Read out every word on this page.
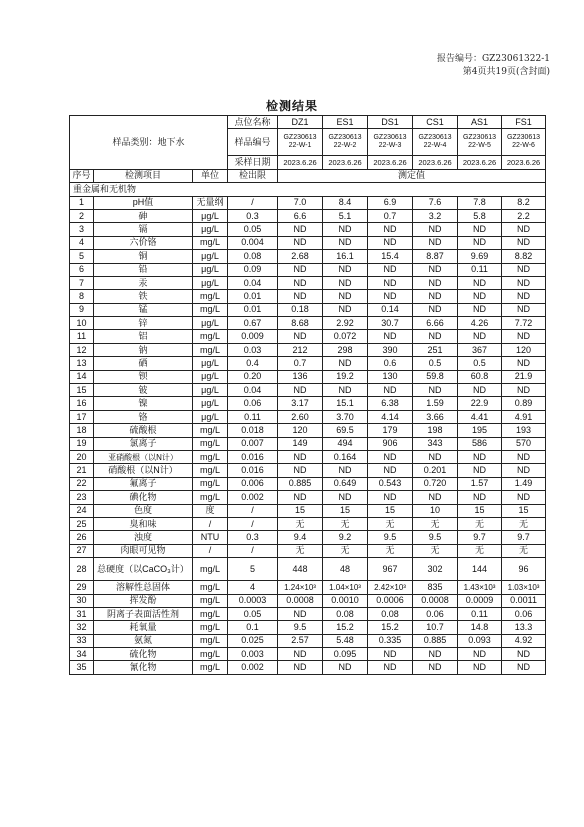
报告编号：GZ23061322-1
第4页共19页(含封面)
检测结果
样品类别：地下水			点位名称	DZ1	ES1	DS1	CS1	AS1	FS1
			样品编号	GZ230613 22-W-1	GZ230613 22-W-2	GZ230613 22-W-3	GZ230613 22-W-4	GZ230613 22-W-5	GZ230613 22-W-6
			采样日期	2023.6.26	2023.6.26	2023.6.26	2023.6.26	2023.6.26	2023.6.26
序号	检测项目	单位	检出限	测定值					
重金属和无机物									
1	pH值	无量纲	/	7.0	8.4	6.9	7.6	7.8	8.2
2	砷	μg/L	0.3	6.6	5.1	0.7	3.2	5.8	2.2
3	镉	μg/L	0.05	ND	ND	ND	ND	ND	ND
4	六价铬	mg/L	0.004	ND	ND	ND	ND	ND	ND
5	铜	μg/L	0.08	2.68	16.1	15.4	8.87	9.69	8.82
6	铅	μg/L	0.09	ND	ND	ND	ND	0.11	ND
7	汞	μg/L	0.04	ND	ND	ND	ND	ND	ND
8	铁	mg/L	0.01	ND	ND	ND	ND	ND	ND
9	锰	mg/L	0.01	0.18	ND	0.14	ND	ND	ND
10	锌	μg/L	0.67	8.68	2.92	30.7	6.66	4.26	7.72
11	铝	mg/L	0.009	ND	0.072	ND	ND	ND	ND
12	钠	mg/L	0.03	212	298	390	251	367	120
13	硒	μg/L	0.4	0.7	ND	0.6	0.5	0.5	ND
14	钡	μg/L	0.20	136	19.2	130	59.8	60.8	21.9
15	铍	μg/L	0.04	ND	ND	ND	ND	ND	ND
16	镍	μg/L	0.06	3.17	15.1	6.38	1.59	22.9	0.89
17	铬	μg/L	0.11	2.60	3.70	4.14	3.66	4.41	4.91
18	硫酸根	mg/L	0.018	120	69.5	179	198	195	193
19	氯离子	mg/L	0.007	149	494	906	343	586	570
20	亚硝酸根（以N计）	mg/L	0.016	ND	0.164	ND	ND	ND	ND
21	硝酸根（以N计）	mg/L	0.016	ND	ND	ND	0.201	ND	ND
22	氟离子	mg/L	0.006	0.885	0.649	0.543	0.720	1.57	1.49
23	碘化物	mg/L	0.002	ND	ND	ND	ND	ND	ND
24	色度	度	/	15	15	15	10	15	15
25	臭和味	/	/	无	无	无	无	无	无
26	浊度	NTU	0.3	9.4	9.2	9.5	9.5	9.7	9.7
27	肉眼可见物	/	/	无	无	无	无	无	无
28	总硬度（以CaCO₃计）	mg/L	5	448	48	967	302	144	96
29	溶解性总固体	mg/L	4	1.24×10³	1.04×10³	2.42×10³	835	1.43×10³	1.03×10³
30	挥发酚	mg/L	0.0003	0.0008	0.0010	0.0006	0.0008	0.0009	0.0011
31	阴离子表面活性剂	mg/L	0.05	ND	0.08	0.08	0.06	0.11	0.06
32	耗氧量	mg/L	0.1	9.5	15.2	15.2	10.7	14.8	13.3
33	氨氮	mg/L	0.025	2.57	5.48	0.335	0.885	0.093	4.92
34	硫化物	mg/L	0.003	ND	0.095	ND	ND	ND	ND
35	氰化物	mg/L	0.002	ND	ND	ND	ND	ND	ND
